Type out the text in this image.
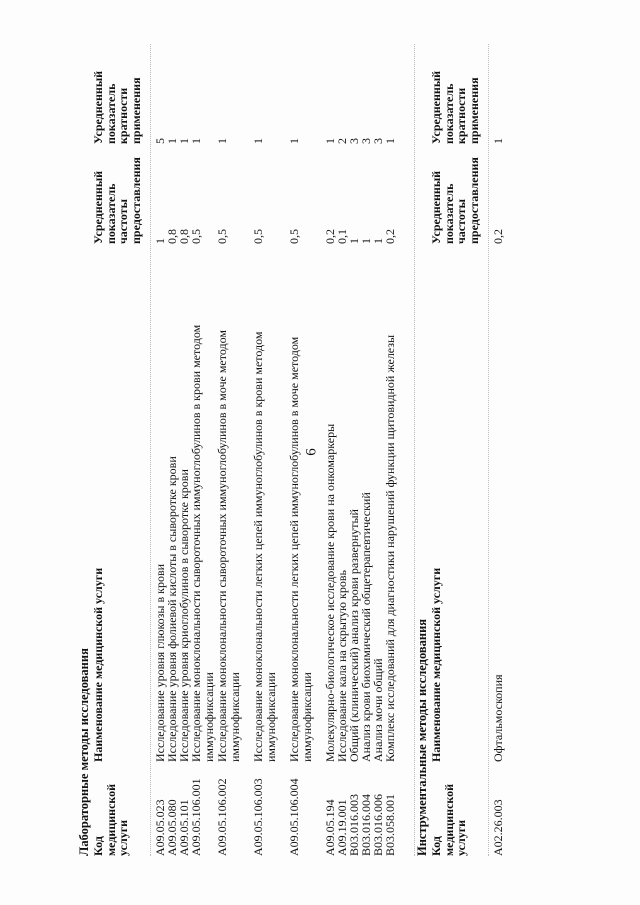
6
Лабораторные методы исследования Код медицинской услуги
Наименование медицинской услуги
Усредненный показатель частоты предоставления
Усредненный показатель кратности применения
A09.05.023
Исследование уровня глюкозы в крови
1
5
A09.05.080
Исследование уровня фолиевой кислоты в сыворотке крови
0,8
1
A09.05.101
Исследование уровня криоглобулинов в сыворотке крови
0,8
1
A09.05.106.001
Исследование моноклональности сывороточных иммуноглобулинов в крови методом иммунофиксации
0,5
1
A09.05.106.002
Исследование моноклональности сывороточных иммуноглобулинов в моче методом иммунофиксации
0,5
1
A09.05.106.003
Исследование моноклональности легких цепей иммуноглобулинов в крови методом иммунофиксации
0,5
1
A09.05.106.004
Исследование моноклональности легких цепей иммуноглобулинов в моче методом иммунофиксации
0,5
1
A09.05.194
Молекулярно-биологическое исследование крови на онкомаркеры
0,2
1
A09.19.001
Исследование кала на скрытую кровь
0,1
2
B03.016.003
Общий (клинический) анализ крови развернутый
1
3
B03.016.004
Анализ крови биохимический общетерапевтический
1
3
B03.016.006
Анализ мочи общий
1
3
B03.058.001
Комплекс исследований для диагностики нарушений функции щитовидной железы
0,2
1
Инструментальные методы исследования Код медицинской услуги
Наименование медицинской услуги
Усредненный показатель частоты предоставления
Усредненный показатель кратности применения
A02.26.003
Офтальмоскопия
0,2
1
